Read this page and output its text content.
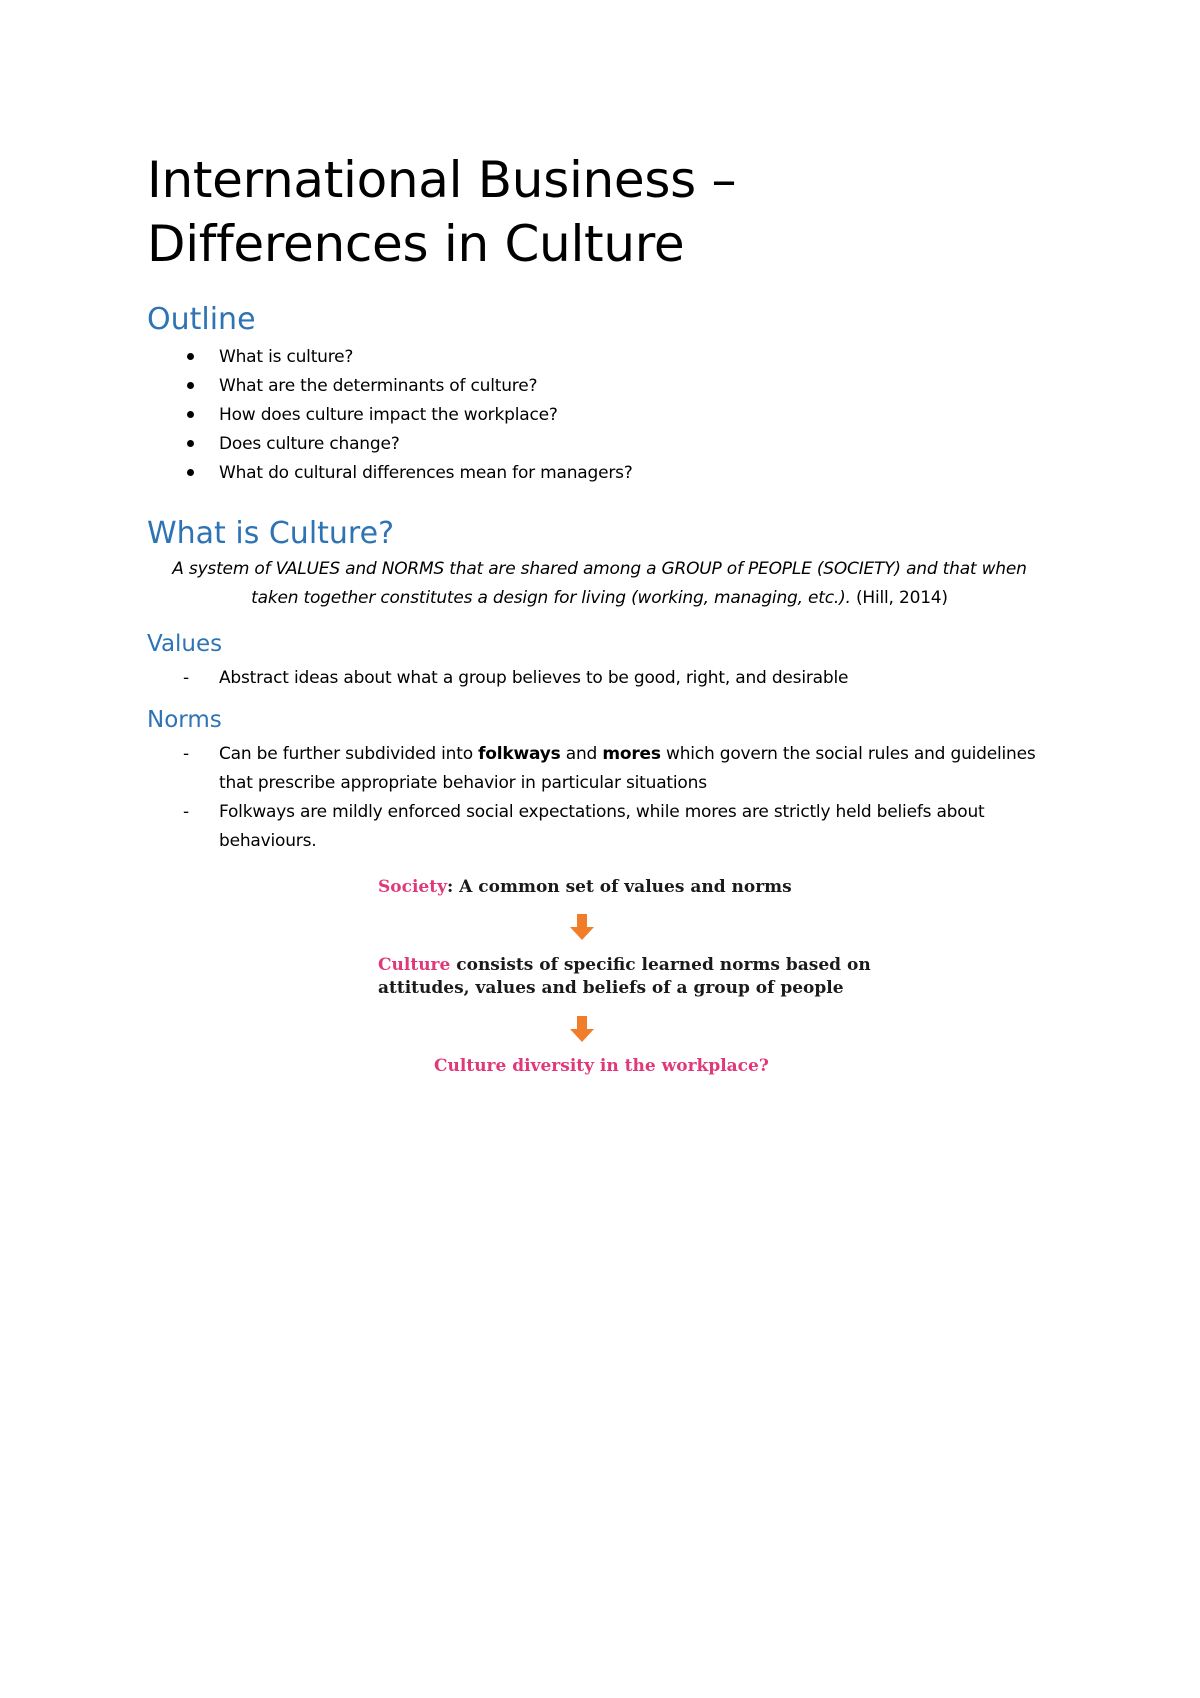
International Business –
Differences in Culture
Outline
What is culture?
What are the determinants of culture?
How does culture impact the workplace?
Does culture change?
What do cultural differences mean for managers?
What is Culture?

A system of VALUES and NORMS that are shared among a GROUP of PEOPLE (SOCIETY) and that when taken together constitutes a design for living (working, managing, etc.). (Hill, 2014)

Values
- Abstract ideas about what a group believes to be good, right, and desirable
Norms
- Can be further subdivided into folkways and mores which govern the social rules and guidelines that prescribe appropriate behavior in particular situations
- Folkways are mildly enforced social expectations, while mores are strictly held beliefs about behaviours.
Society: A common set of values and norms
Culture consists of specific learned norms based on
attitudes, values and beliefs of a group of people
Culture diversity in the workplace?
